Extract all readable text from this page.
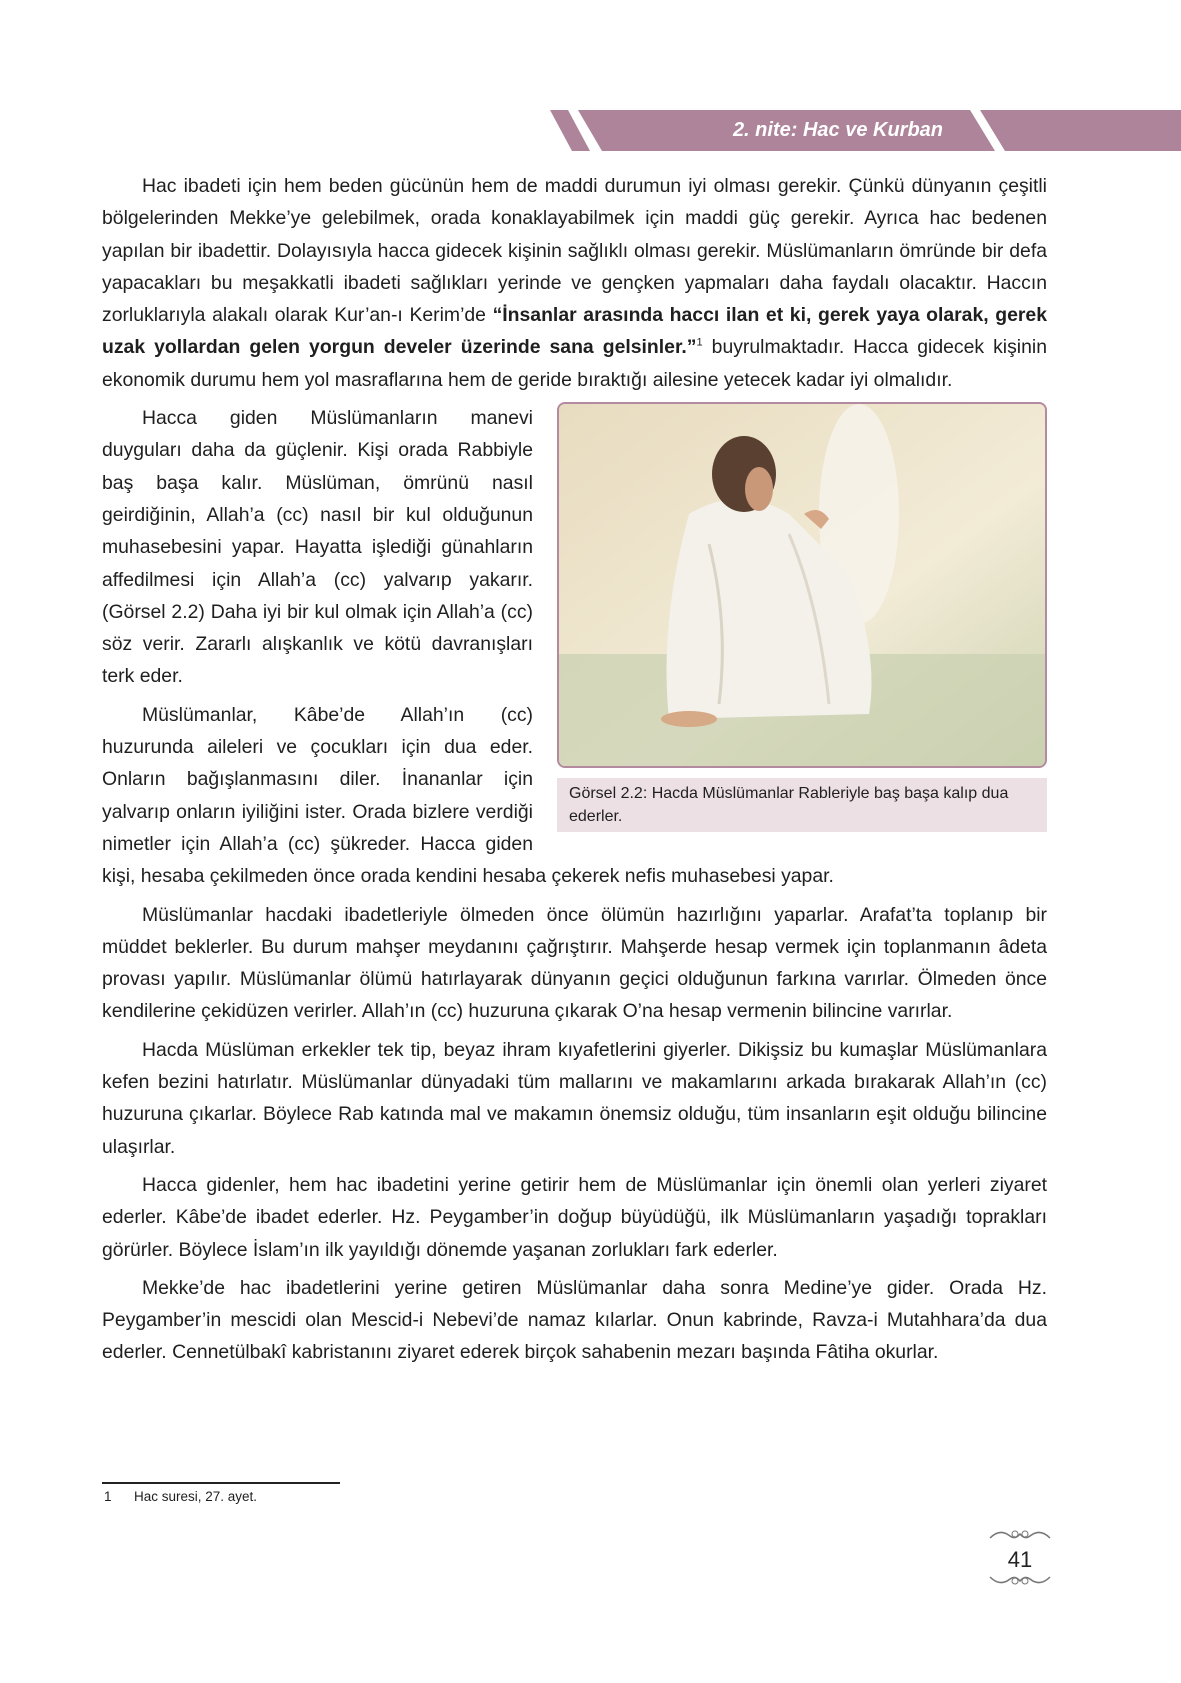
2. nite: Hac ve Kurban

Hac ibadeti için hem beden gücünün hem de maddi durumun iyi olması gerekir. Çünkü dünyanın çeşitli bölgelerinden Mekke’ye gelebilmek, orada konaklayabilmek için maddi güç gerekir. Ayrıca hac bedenen yapılan bir ibadettir. Dolayısıyla hacca gidecek kişinin sağlıklı olması gerekir. Müslümanların ömründe bir defa yapacakları bu meşakkatli ibadeti sağlıkları yerinde ve gençken yapmaları daha faydalı olacaktır. Haccın zorluklarıyla alakalı olarak Kur’an-ı Kerim’de “İnsanlar arasında haccı ilan et ki, gerek yaya olarak, gerek uzak yollardan gelen yorgun develer üzerinde sana gelsinler.”$^1$ buyrulmaktadır. Hacca gidecek kişinin ekonomik durumu hem yol masraflarına hem de geride bıraktığı ailesine yetecek kadar iyi olmalıdır.

Görsel 2.2: Hacda Müslümanlar Rableriyle baş başa kalıp dua ederler.

Hacca giden Müslümanların manevi duyguları daha da güçlenir. Kişi orada Rabbiyle baş başa kalır. Müslüman, ömrünü nasıl geirdiğinin, Allah’a (cc) nasıl bir kul olduğunun muhasebesini yapar. Hayatta işlediği günahların affedilmesi için Allah’a (cc) yalvarıp yakarır. (Görsel 2.2) Daha iyi bir kul olmak için Allah’a (cc) söz verir. Zararlı alışkanlık ve kötü davranışları terk eder.

Müslümanlar, Kâbe’de Allah’ın (cc) huzurunda aileleri ve çocukları için dua eder. Onların bağışlanmasını diler. İnananlar için yalvarıp onların iyiliğini ister. Orada bizlere verdiği nimetler için Allah’a (cc) şükreder. Hacca giden kişi, hesaba çekilmeden önce orada kendini hesaba çekerek nefis muhasebesi yapar.

Müslümanlar hacdaki ibadetleriyle ölmeden önce ölümün hazırlığını yaparlar. Arafat’ta toplanıp bir müddet beklerler. Bu durum mahşer meydanını çağrıştırır. Mahşerde hesap vermek için toplanmanın âdeta provası yapılır. Müslümanlar ölümü hatırlayarak dünyanın geçici olduğunun farkına varırlar. Ölmeden önce kendilerine çekidüzen verirler. Allah’ın (cc) huzuruna çıkarak O’na hesap vermenin bilincine varırlar.

Hacda Müslüman erkekler tek tip, beyaz ihram kıyafetlerini giyerler. Dikişsiz bu kumaşlar Müslümanlara kefen bezini hatırlatır. Müslümanlar dünyadaki tüm mallarını ve makamlarını arkada bırakarak Allah’ın (cc) huzuruna çıkarlar. Böylece Rab katında mal ve makamın önemsiz olduğu, tüm insanların eşit olduğu bilincine ulaşırlar.

Hacca gidenler, hem hac ibadetini yerine getirir hem de Müslümanlar için önemli olan yerleri ziyaret ederler. Kâbe’de ibadet ederler. Hz. Peygamber’in doğup büyüdüğü, ilk Müslümanların yaşadığı toprakları görürler. Böylece İslam’ın ilk yayıldığı dönemde yaşanan zorlukları fark ederler.

Mekke’de hac ibadetlerini yerine getiren Müslümanlar daha sonra Medine’ye gider. Orada Hz. Peygamber’in mescidi olan Mescid-i Nebevi’de namaz kılarlar. Onun kabrinde, Ravza-i Mutahhara’da dua ederler. Cennetülbakî kabristanını ziyaret ederek birçok sahabenin mezarı başında Fâtiha okurlar.

1 Hac suresi, 27. ayet.
41
